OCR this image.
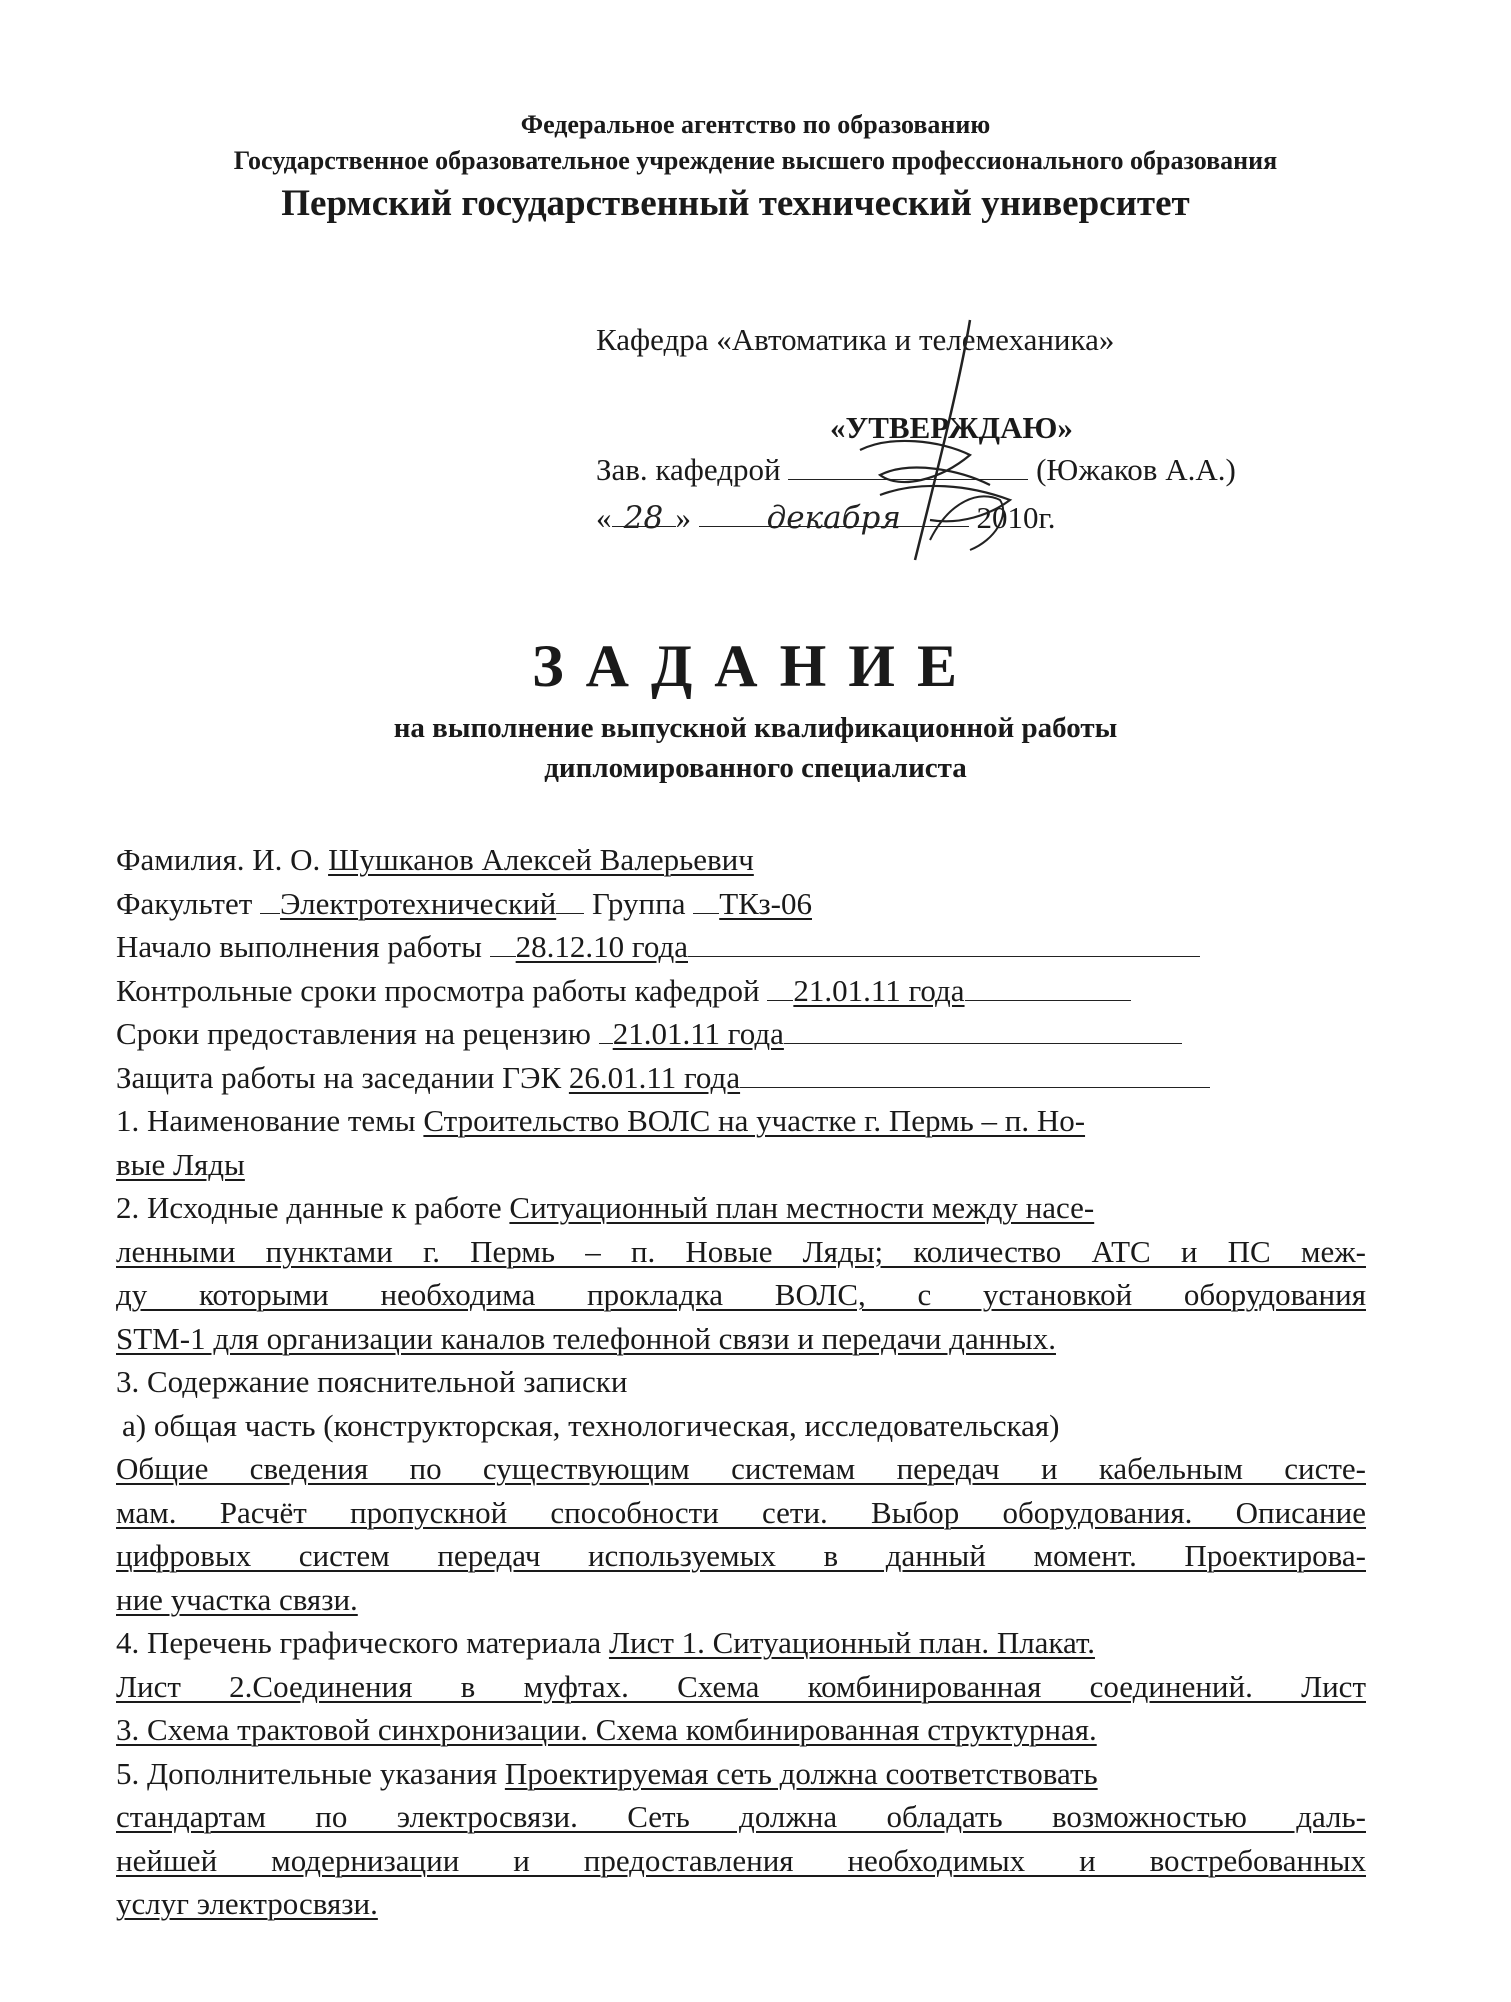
Федеральное агентство по образованию
Государственное образовательное учреждение высшего профессионального образования
Пермский государственный технический университет
Кафедра «Автоматика и телемеханика»
«УТВЕРЖДАЮ»
Зав. кафедрой	(Южаков А.А.)
« 28 » декабря 2010г.
ЗАДАНИЕ
на выполнение выпускной квалификационной работы
дипломированного специалиста
Фамилия. И. О. Шушканов Алексей Валерьевич
Факультет Электротехнический Группа ТКз-06
Начало выполнения работы 28.12.10 года
Контрольные сроки просмотра работы кафедрой 21.01.11 года
Сроки предоставления на рецензию 21.01.11 года
Защита работы на заседании ГЭК 26.01.11 года
1. Наименование темы Строительство ВОЛС на участке г. Пермь – п. Но-
вые Ляды
2. Исходные данные к работе Ситуационный план местности между насе-
ленными пунктами г. Пермь – п. Новые Ляды; количество АТС и ПС меж-
ду которыми необходима прокладка ВОЛС, с установкой оборудования
STM-1 для организации каналов телефонной связи и передачи данных.
3. Содержание пояснительной записки
а) общая часть (конструкторская, технологическая, исследовательская)
Общие сведения по существующим системам передач и кабельным систе-
мам. Расчёт пропускной способности сети. Выбор оборудования. Описание
цифровых систем передач используемых в данный момент. Проектирова-
ние участка связи.
4. Перечень графического материала Лист 1. Ситуационный план. Плакат.
Лист 2.Соединения в муфтах. Схема комбинированная соединений. Лист
3. Схема трактовой синхронизации. Схема комбинированная структурная.
5. Дополнительные указания Проектируемая сеть должна соответствовать
стандартам по электросвязи. Сеть должна обладать возможностью даль-
нейшей модернизации и предоставления необходимых и востребованных
услуг электросвязи.
